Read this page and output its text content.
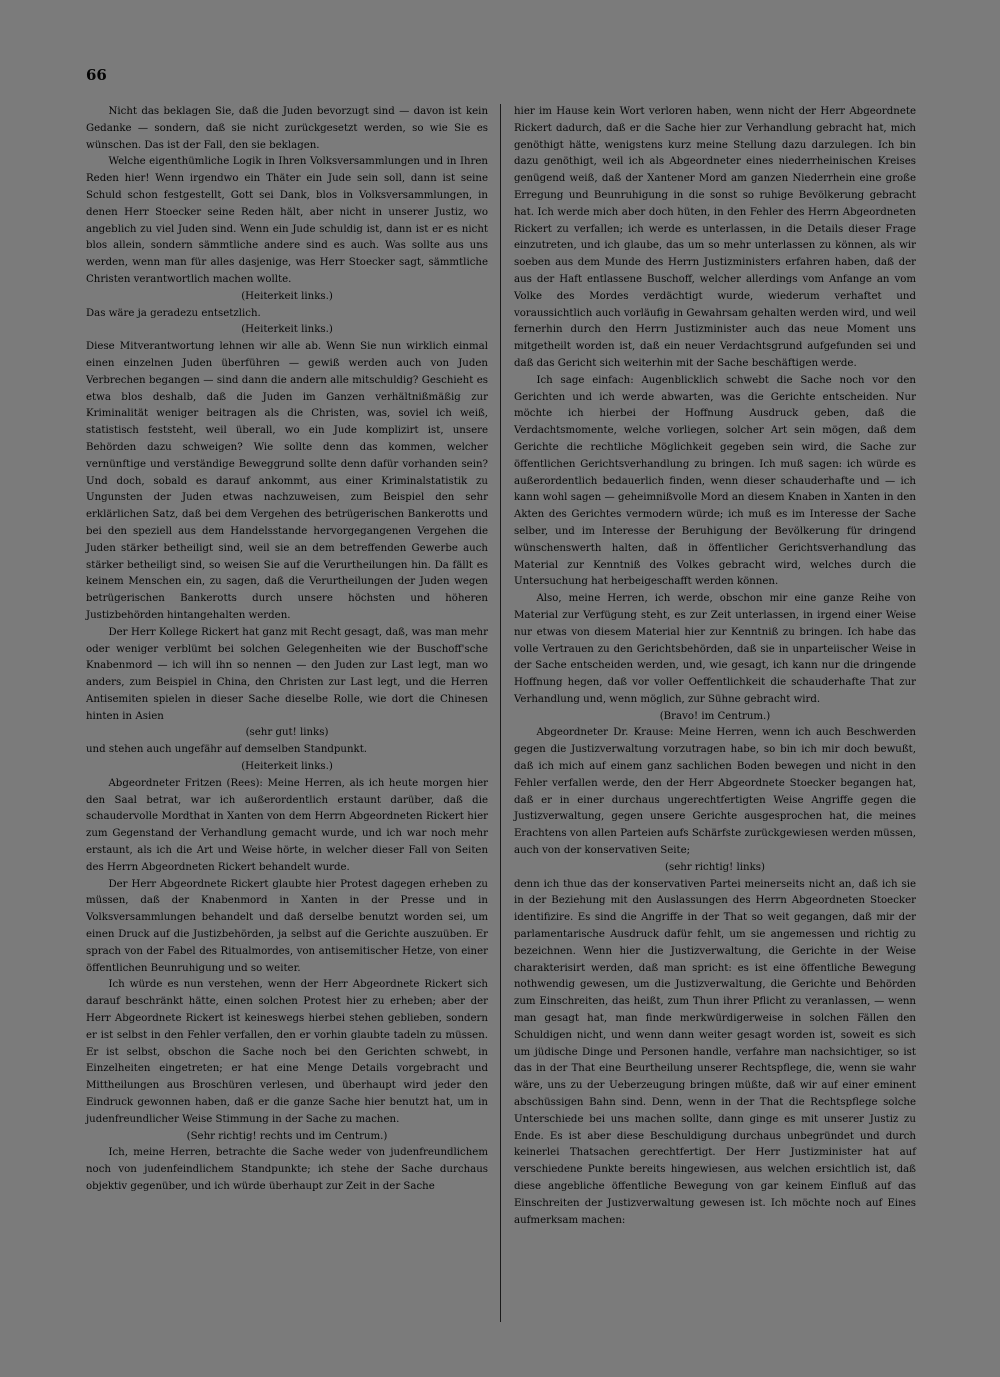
66

Nicht das beklagen Sie, daß die Juden bevorzugt sind — davon ist kein Gedanke — sondern, daß sie nicht zurückgesetzt werden, so wie Sie es wünschen. Das ist der Fall, den sie beklagen.

Welche eigenthümliche Logik in Ihren Volksversammlungen und in Ihren Reden hier! Wenn irgendwo ein Thäter ein Jude sein soll, dann ist seine Schuld schon festgestellt, Gott sei Dank, blos in Volksversammlungen, in denen Herr Stoecker seine Reden hält, aber nicht in unserer Justiz, wo angeblich zu viel Juden sind. Wenn ein Jude schuldig ist, dann ist er es nicht blos allein, sondern sämmtliche andere sind es auch. Was sollte aus uns werden, wenn man für alles dasjenige, was Herr Stoecker sagt, sämmtliche Christen verantwortlich machen wollte.

(Heiterkeit links.)

Das wäre ja geradezu entsetzlich.

(Heiterkeit links.)

Diese Mitverantwortung lehnen wir alle ab. Wenn Sie nun wirklich einmal einen einzelnen Juden überführen — gewiß werden auch von Juden Verbrechen begangen — sind dann die andern alle mitschuldig? Geschieht es etwa blos deshalb, daß die Juden im Ganzen verhältnißmäßig zur Kriminalität weniger beitragen als die Christen, was, soviel ich weiß, statistisch feststeht, weil überall, wo ein Jude komplizirt ist, unsere Behörden dazu schweigen? Wie sollte denn das kommen, welcher vernünftige und verständige Beweggrund sollte denn dafür vorhanden sein? Und doch, sobald es darauf ankommt, aus einer Kriminalstatistik zu Ungunsten der Juden etwas nachzuweisen, zum Beispiel den sehr erklärlichen Satz, daß bei dem Vergehen des betrügerischen Bankerotts und bei den speziell aus dem Handelsstande hervorgegangenen Vergehen die Juden stärker betheiligt sind, weil sie an dem betreffenden Gewerbe auch stärker betheiligt sind, so weisen Sie auf die Verurtheilungen hin. Da fällt es keinem Menschen ein, zu sagen, daß die Verurtheilungen der Juden wegen betrügerischen Bankerotts durch unsere höchsten und höheren Justizbehörden hintangehalten werden.

Der Herr Kollege Rickert hat ganz mit Recht gesagt, daß, was man mehr oder weniger verblümt bei solchen Gelegenheiten wie der Buschoff'sche Knabenmord — ich will ihn so nennen — den Juden zur Last legt, man wo anders, zum Beispiel in China, den Christen zur Last legt, und die Herren Antisemiten spielen in dieser Sache dieselbe Rolle, wie dort die Chinesen hinten in Asien

(sehr gut! links)

und stehen auch ungefähr auf demselben Standpunkt.

(Heiterkeit links.)

Abgeordneter Fritzen (Rees): Meine Herren, als ich heute morgen hier den Saal betrat, war ich außerordentlich erstaunt darüber, daß die schaudervolle Mordthat in Xanten von dem Herrn Abgeordneten Rickert hier zum Gegenstand der Verhandlung gemacht wurde, und ich war noch mehr erstaunt, als ich die Art und Weise hörte, in welcher dieser Fall von Seiten des Herrn Abgeordneten Rickert behandelt wurde.

Der Herr Abgeordnete Rickert glaubte hier Protest dagegen erheben zu müssen, daß der Knabenmord in Xanten in der Presse und in Volksversammlungen behandelt und daß derselbe benutzt worden sei, um einen Druck auf die Justizbehörden, ja selbst auf die Gerichte auszuüben. Er sprach von der Fabel des Ritualmordes, von antisemitischer Hetze, von einer öffentlichen Beunruhigung und so weiter.

Ich würde es nun verstehen, wenn der Herr Abgeordnete Rickert sich darauf beschränkt hätte, einen solchen Protest hier zu erheben; aber der Herr Abgeordnete Rickert ist keineswegs hierbei stehen geblieben, sondern er ist selbst in den Fehler verfallen, den er vorhin glaubte tadeln zu müssen. Er ist selbst, obschon die Sache noch bei den Gerichten schwebt, in Einzelheiten eingetreten; er hat eine Menge Details vorgebracht und Mittheilungen aus Broschüren verlesen, und überhaupt wird jeder den Eindruck gewonnen haben, daß er die ganze Sache hier benutzt hat, um in judenfreundlicher Weise Stimmung in der Sache zu machen.

(Sehr richtig! rechts und im Centrum.)

Ich, meine Herren, betrachte die Sache weder von judenfreundlichem noch von judenfeindlichem Standpunkte; ich stehe der Sache durchaus objektiv gegenüber, und ich würde überhaupt zur Zeit in der Sache

hier im Hause kein Wort verloren haben, wenn nicht der Herr Abgeordnete Rickert dadurch, daß er die Sache hier zur Verhandlung gebracht hat, mich genöthigt hätte, wenigstens kurz meine Stellung dazu darzulegen. Ich bin dazu genöthigt, weil ich als Abgeordneter eines niederrheinischen Kreises genügend weiß, daß der Xantener Mord am ganzen Niederrhein eine große Erregung und Beunruhigung in die sonst so ruhige Bevölkerung gebracht hat. Ich werde mich aber doch hüten, in den Fehler des Herrn Abgeordneten Rickert zu verfallen; ich werde es unterlassen, in die Details dieser Frage einzutreten, und ich glaube, das um so mehr unterlassen zu können, als wir soeben aus dem Munde des Herrn Justizministers erfahren haben, daß der aus der Haft entlassene Buschoff, welcher allerdings vom Anfange an vom Volke des Mordes verdächtigt wurde, wiederum verhaftet und voraussichtlich auch vorläufig in Gewahrsam gehalten werden wird, und weil fernerhin durch den Herrn Justizminister auch das neue Moment uns mitgetheilt worden ist, daß ein neuer Verdachtsgrund aufgefunden sei und daß das Gericht sich weiterhin mit der Sache beschäftigen werde.

Ich sage einfach: Augenblicklich schwebt die Sache noch vor den Gerichten und ich werde abwarten, was die Gerichte entscheiden. Nur möchte ich hierbei der Hoffnung Ausdruck geben, daß die Verdachtsmomente, welche vorliegen, solcher Art sein mögen, daß dem Gerichte die rechtliche Möglichkeit gegeben sein wird, die Sache zur öffentlichen Gerichtsverhandlung zu bringen. Ich muß sagen: ich würde es außerordentlich bedauerlich finden, wenn dieser schauderhafte und — ich kann wohl sagen — geheimnißvolle Mord an diesem Knaben in Xanten in den Akten des Gerichtes vermodern würde; ich muß es im Interesse der Sache selber, und im Interesse der Beruhigung der Bevölkerung für dringend wünschenswerth halten, daß in öffentlicher Gerichtsverhandlung das Material zur Kenntniß des Volkes gebracht wird, welches durch die Untersuchung hat herbeigeschafft werden können.

Also, meine Herren, ich werde, obschon mir eine ganze Reihe von Material zur Verfügung steht, es zur Zeit unterlassen, in irgend einer Weise nur etwas von diesem Material hier zur Kenntniß zu bringen. Ich habe das volle Vertrauen zu den Gerichtsbehörden, daß sie in unparteiischer Weise in der Sache entscheiden werden, und, wie gesagt, ich kann nur die dringende Hoffnung hegen, daß vor voller Oeffentlichkeit die schauderhafte That zur Verhandlung und, wenn möglich, zur Sühne gebracht wird.

(Bravo! im Centrum.)

Abgeordneter Dr. Krause: Meine Herren, wenn ich auch Beschwerden gegen die Justizverwaltung vorzutragen habe, so bin ich mir doch bewußt, daß ich mich auf einem ganz sachlichen Boden bewegen und nicht in den Fehler verfallen werde, den der Herr Abgeordnete Stoecker begangen hat, daß er in einer durchaus ungerechtfertigten Weise Angriffe gegen die Justizverwaltung, gegen unsere Gerichte ausgesprochen hat, die meines Erachtens von allen Parteien aufs Schärfste zurückgewiesen werden müssen, auch von der konservativen Seite;

(sehr richtig! links)

denn ich thue das der konservativen Partei meinerseits nicht an, daß ich sie in der Beziehung mit den Auslassungen des Herrn Abgeordneten Stoecker identifizire. Es sind die Angriffe in der That so weit gegangen, daß mir der parlamentarische Ausdruck dafür fehlt, um sie angemessen und richtig zu bezeichnen. Wenn hier die Justizverwaltung, die Gerichte in der Weise charakterisirt werden, daß man spricht: es ist eine öffentliche Bewegung nothwendig gewesen, um die Justizverwaltung, die Gerichte und Behörden zum Einschreiten, das heißt, zum Thun ihrer Pflicht zu veranlassen, — wenn man gesagt hat, man finde merkwürdigerweise in solchen Fällen den Schuldigen nicht, und wenn dann weiter gesagt worden ist, soweit es sich um jüdische Dinge und Personen handle, verfahre man nachsichtiger, so ist das in der That eine Beurtheilung unserer Rechtspflege, die, wenn sie wahr wäre, uns zu der Ueberzeugung bringen müßte, daß wir auf einer eminent abschüssigen Bahn sind. Denn, wenn in der That die Rechtspflege solche Unterschiede bei uns machen sollte, dann ginge es mit unserer Justiz zu Ende. Es ist aber diese Beschuldigung durchaus unbegründet und durch keinerlei Thatsachen gerechtfertigt. Der Herr Justizminister hat auf verschiedene Punkte bereits hingewiesen, aus welchen ersichtlich ist, daß diese angebliche öffentliche Bewegung von gar keinem Einfluß auf das Einschreiten der Justizverwaltung gewesen ist. Ich möchte noch auf Eines aufmerksam machen:
